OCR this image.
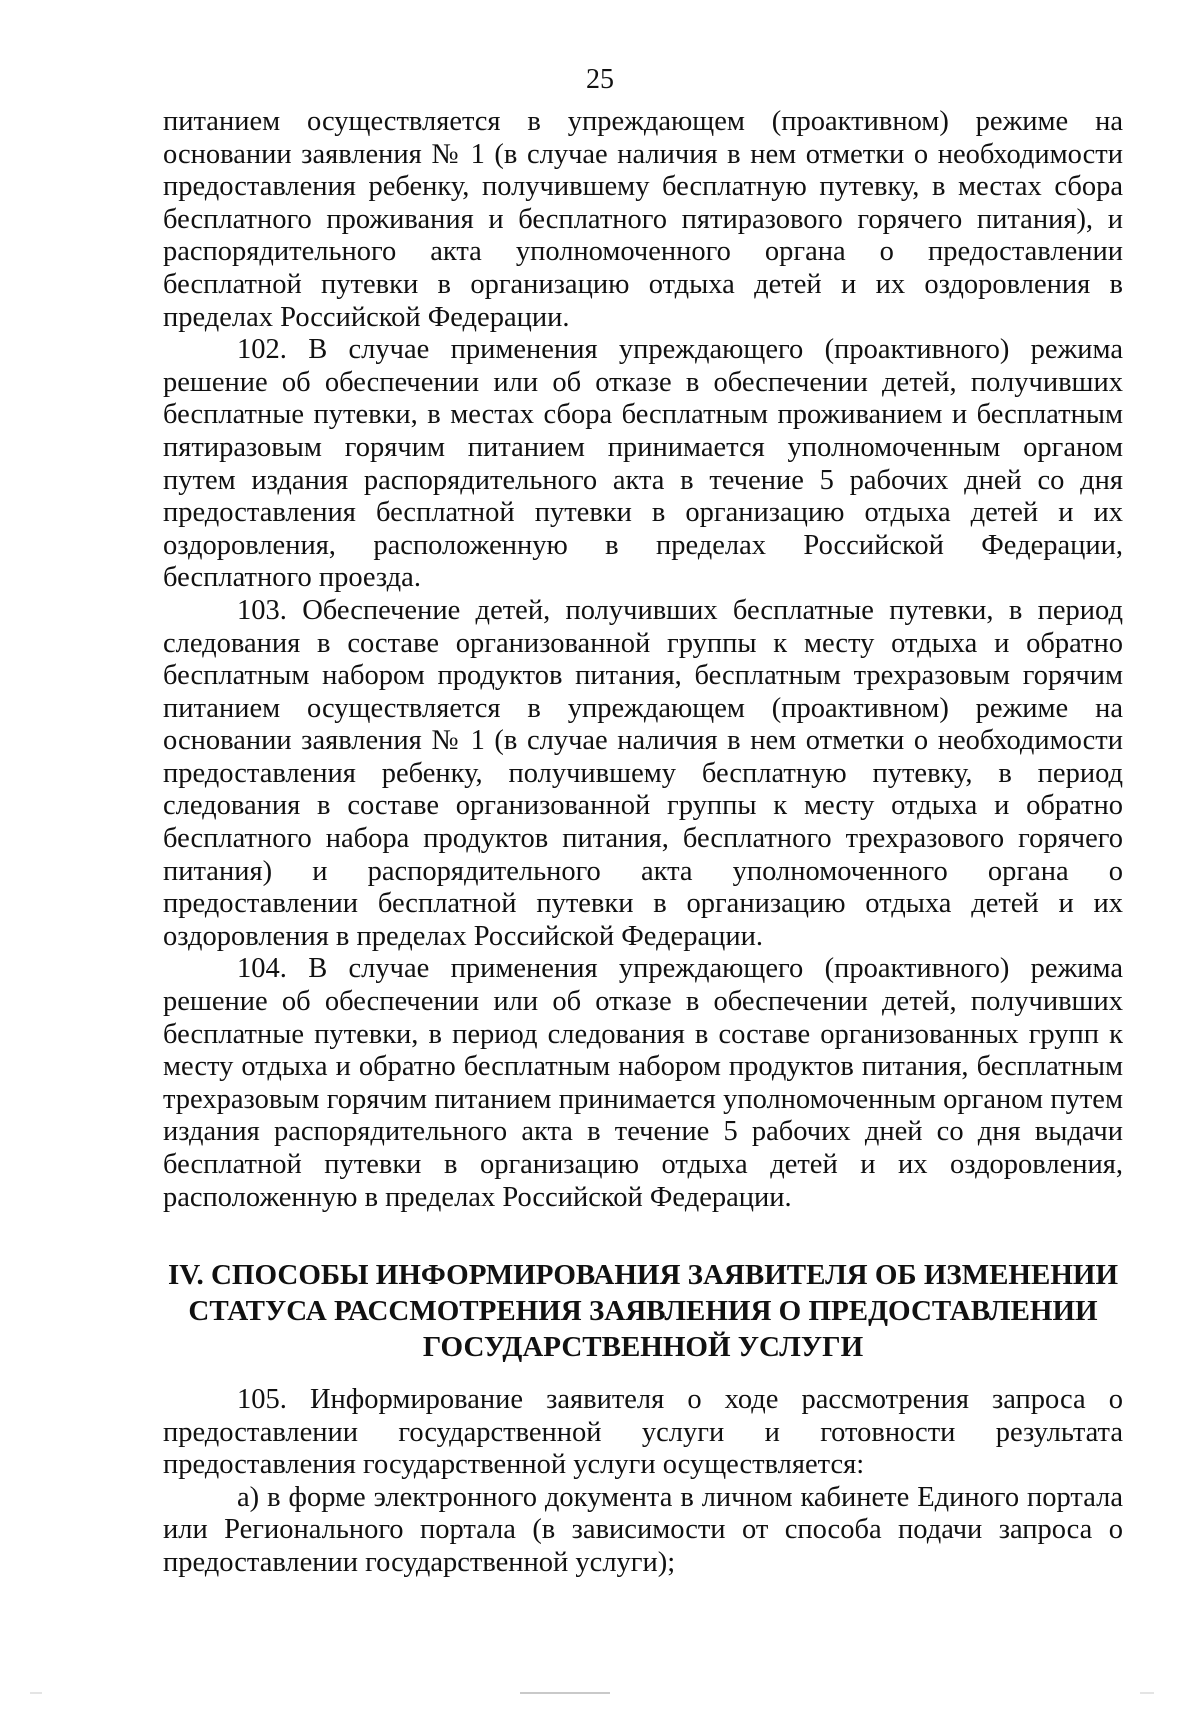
25

питанием осуществляется в упреждающем (проактивном) режиме на основании заявления № 1 (в случае наличия в нем отметки о необходимости предоставления ребенку, получившему бесплатную путевку, в местах сбора бесплатного проживания и бесплатного пятиразового горячего питания), и распорядительного акта уполномоченного органа о предоставлении бесплатной путевки в организацию отдыха детей и их оздоровления в пределах Российской Федерации.

102. В случае применения упреждающего (проактивного) режима решение об обеспечении или об отказе в обеспечении детей, получивших бесплатные путевки, в местах сбора бесплатным проживанием и бесплатным пятиразовым горячим питанием принимается уполномоченным органом путем издания распорядительного акта в течение 5 рабочих дней со дня предоставления бесплатной путевки в организацию отдыха детей и их оздоровления, расположенную в пределах Российской Федерации, бесплатного проезда.

103. Обеспечение детей, получивших бесплатные путевки, в период следования в составе организованной группы к месту отдыха и обратно бесплатным набором продуктов питания, бесплатным трехразовым горячим питанием осуществляется в упреждающем (проактивном) режиме на основании заявления № 1 (в случае наличия в нем отметки о необходимости предоставления ребенку, получившему бесплатную путевку, в период следования в составе организованной группы к месту отдыха и обратно бесплатного набора продуктов питания, бесплатного трехразового горячего питания) и распорядительного акта уполномоченного органа о предоставлении бесплатной путевки в организацию отдыха детей и их оздоровления в пределах Российской Федерации.

104. В случае применения упреждающего (проактивного) режима решение об обеспечении или об отказе в обеспечении детей, получивших бесплатные путевки, в период следования в составе организованных групп к месту отдыха и обратно бесплатным набором продуктов питания, бесплатным трехразовым горячим питанием принимается уполномоченным органом путем издания распорядительного акта в течение 5 рабочих дней со дня выдачи бесплатной путевки в организацию отдыха детей и их оздоровления, расположенную в пределах Российской Федерации.

IV. СПОСОБЫ ИНФОРМИРОВАНИЯ ЗАЯВИТЕЛЯ ОБ ИЗМЕНЕНИИ СТАТУСА РАССМОТРЕНИЯ ЗАЯВЛЕНИЯ О ПРЕДОСТАВЛЕНИИ ГОСУДАРСТВЕННОЙ УСЛУГИ

105. Информирование заявителя о ходе рассмотрения запроса о предоставлении государственной услуги и готовности результата предоставления государственной услуги осуществляется:

а) в форме электронного документа в личном кабинете Единого портала или Регионального портала (в зависимости от способа подачи запроса о предоставлении государственной услуги);
